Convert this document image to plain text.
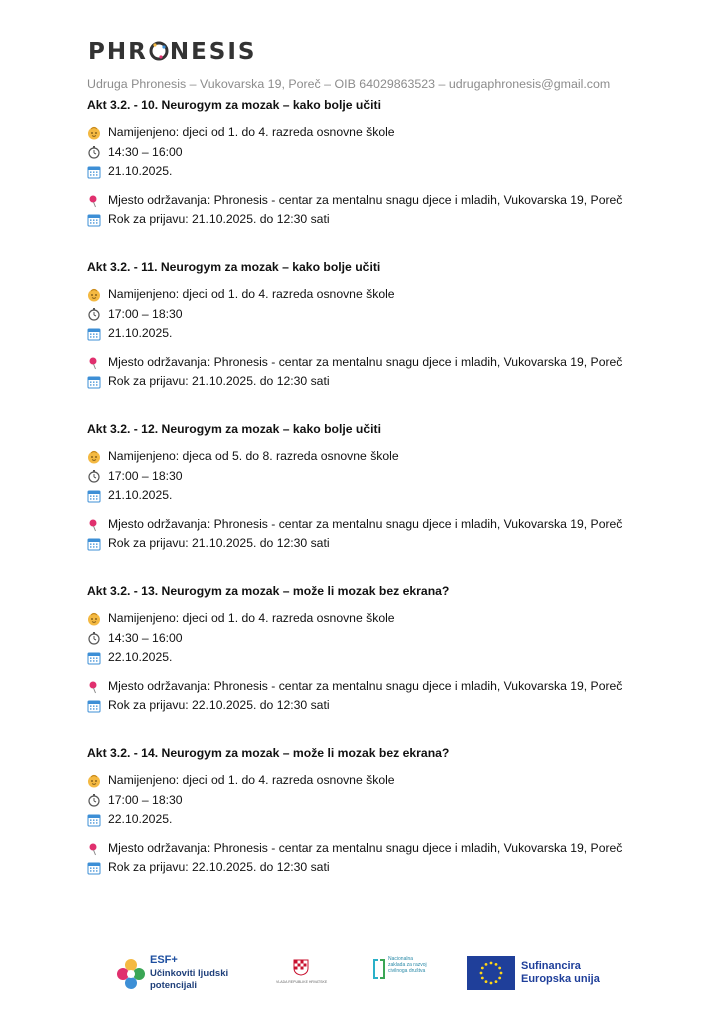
PHR NESIS
Udruga Phronesis – Vukovarska 19, Poreč – OIB 64029863523 – udrugaphronesis@gmail.com
Akt 3.2. - 10. Neurogym za mozak – kako bolje učiti
Namijenjeno: djeci od 1. do 4. razreda osnovne škole
14:30 – 16:00
21.10.2025.
Mjesto održavanja: Phronesis - centar za mentalnu snagu djece i mladih, Vukovarska 19, Poreč
Rok za prijavu: 21.10.2025. do 12:30 sati
Akt 3.2. - 11. Neurogym za mozak – kako bolje učiti
Namijenjeno: djeci od 1. do 4. razreda osnovne škole
17:00 – 18:30
21.10.2025.
Mjesto održavanja: Phronesis - centar za mentalnu snagu djece i mladih, Vukovarska 19, Poreč
Rok za prijavu: 21.10.2025. do 12:30 sati
Akt 3.2. - 12. Neurogym za mozak – kako bolje učiti
Namijenjeno: djeca od 5. do 8. razreda osnovne škole
17:00 – 18:30
21.10.2025.
Mjesto održavanja: Phronesis - centar za mentalnu snagu djece i mladih, Vukovarska 19, Poreč
Rok za prijavu: 21.10.2025. do 12:30 sati
Akt 3.2. - 13. Neurogym za mozak – može li mozak bez ekrana?
Namijenjeno: djeci od 1. do 4. razreda osnovne škole
14:30 – 16:00
22.10.2025.
Mjesto održavanja: Phronesis - centar za mentalnu snagu djece i mladih, Vukovarska 19, Poreč
Rok za prijavu: 22.10.2025. do 12:30 sati
Akt 3.2. - 14. Neurogym za mozak – može li mozak bez ekrana?
Namijenjeno: djeci od 1. do 4. razreda osnovne škole
17:00 – 18:30
22.10.2025.
Mjesto održavanja: Phronesis - centar za mentalnu snagu djece i mladih, Vukovarska 19, Poreč
Rok za prijavu: 22.10.2025. do 12:30 sati
ESF+
Učinkoviti ljudski
potencijali	VLADA REPUBLIKE HRVATSKE
Nacionalna zaklada za razvoj civilnoga društva	Sufinancira
Europska unija
